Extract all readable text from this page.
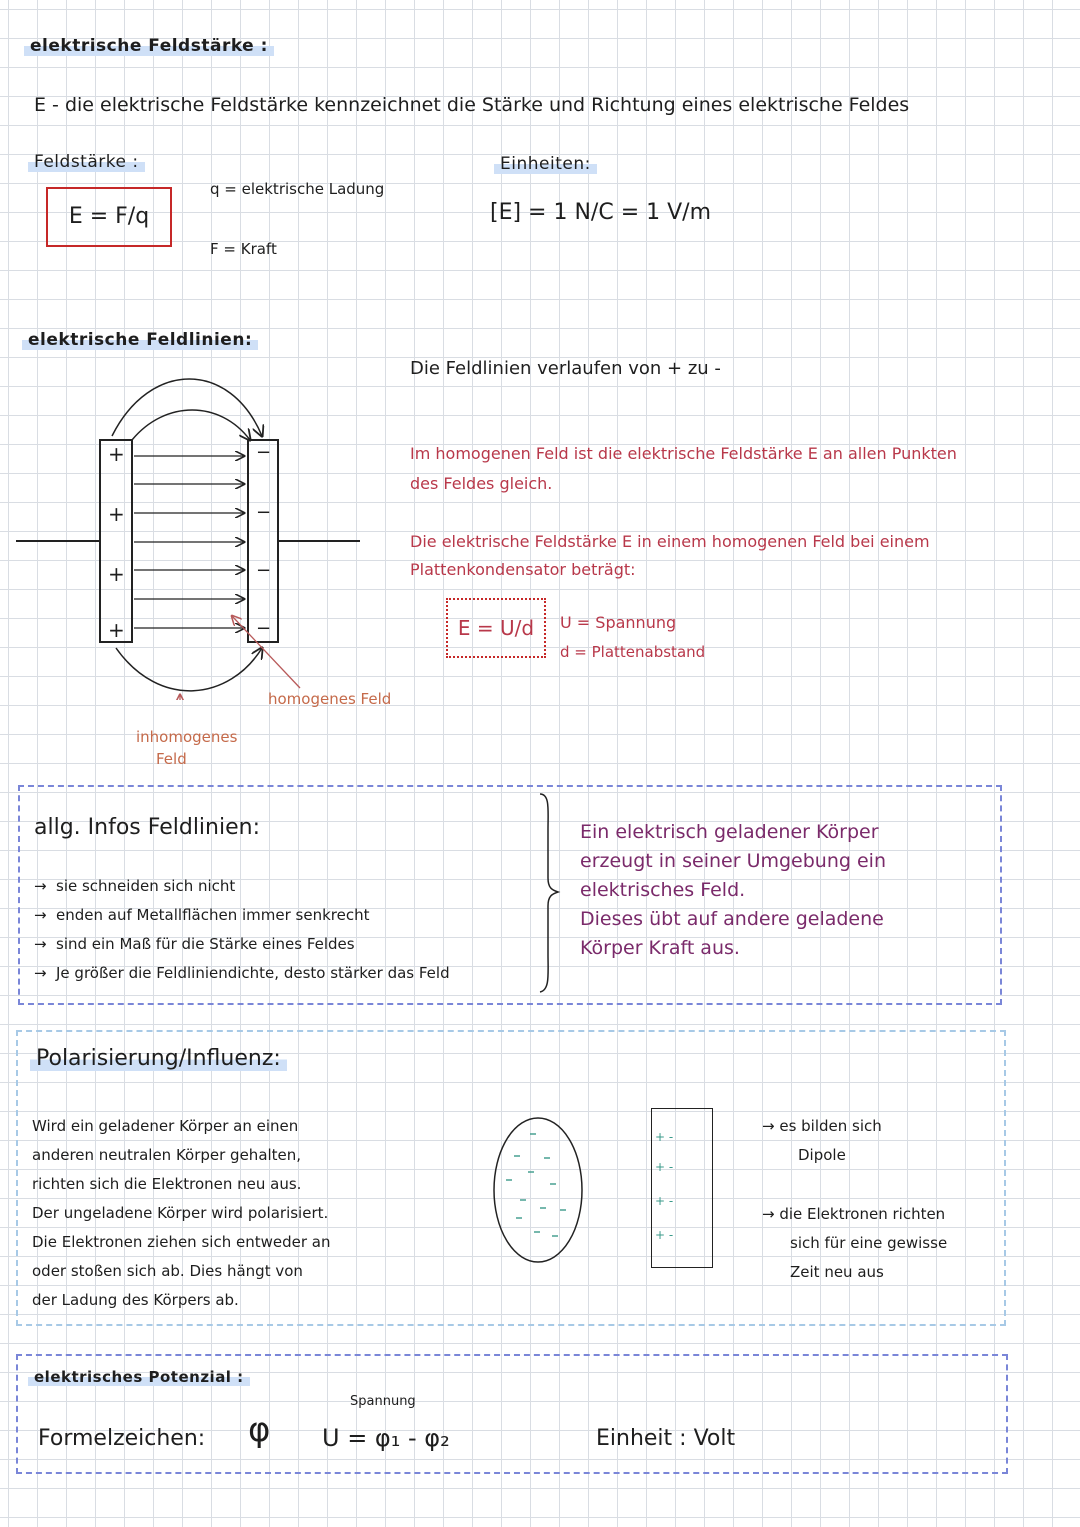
elektrische Feldstärke :
E - die elektrische Feldstärke kennzeichnet die Stärke und Richtung eines elektrische Feldes
Feldstärke :
E = F/q
q = elektrische Ladung
F = Kraft
Einheiten:
[E] = 1 N/C = 1 V/m
elektrische Feldlinien:
+
+
+
+
−
−
−
−
homogenes Feld
inhomogenes
Feld
Die Feldlinien verlaufen von + zu -
Im homogenen Feld ist die elektrische Feldstärke E an allen Punkten
des Feldes gleich.
Die elektrische Feldstärke E in einem homogenen Feld bei einem
Plattenkondensator beträgt:
E = U/d	U = Spannung
d = Plattenabstand
allg. Infos Feldlinien:
→ sie schneiden sich nicht
→ enden auf Metallflächen immer senkrecht
→ sind ein Maß für die Stärke eines Feldes
→ Je größer die Feldliniendichte, desto stärker das Feld
Ein elektrisch geladener Körper
erzeugt in seiner Umgebung ein
elektrisches Feld.
Dieses übt auf andere geladene
Körper Kraft aus.
Polarisierung/Influenz:
Wird ein geladener Körper an einen
anderen neutralen Körper gehalten,
richten sich die Elektronen neu aus.
Der ungeladene Körper wird polarisiert.
Die Elektronen ziehen sich entweder an
oder stoßen sich ab. Dies hängt von
der Ladung des Körpers ab.
+ -
+ -
+ -
+ -
→ es bilden sich
Dipole
→ die Elektronen richten
sich für eine gewisse
Zeit neu aus
elektrisches Potenzial :
Formelzeichen: φ
Spannung
U = φ₁ - φ₂	Einheit : Volt
